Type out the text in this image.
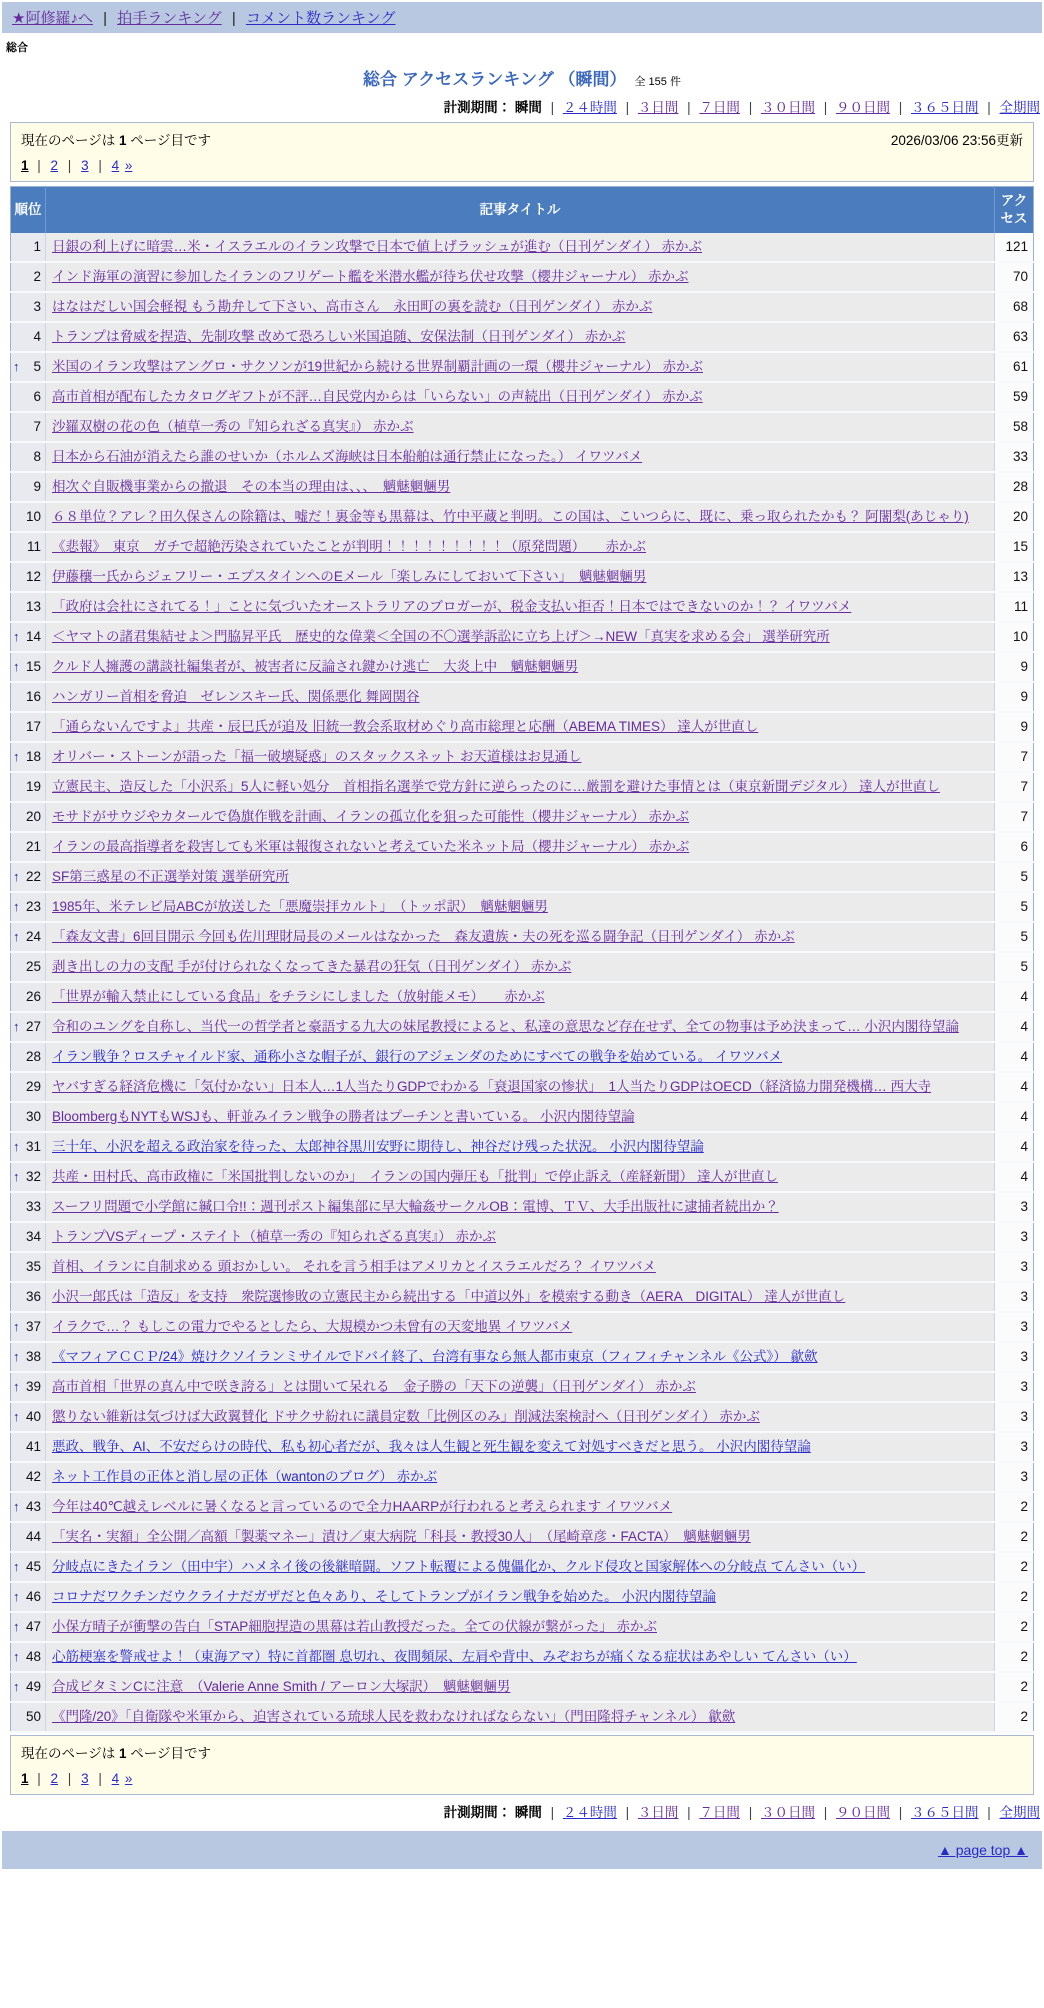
★阿修羅♪へ | 拍手ランキング | コメント数ランキング
総合
総合 アクセスランキング （瞬間） 全 155 件
計測期間： 瞬間 | ２４時間 | ３日間 | ７日間 | ３０日間 | ９０日間 | ３６５日間 | 全期間
現在のページは 1 ページ目です	2026/03/06 23:56更新
1 | 2 | 3 | 4 »
順位	記事タイトル	アクセス
1	日銀の利上げに暗雲…米・イスラエルのイラン攻撃で日本で値上げラッシュが進む（日刊ゲンダイ） 赤かぶ	121
2	インド海軍の演習に参加したイランのフリゲート艦を米潜水艦が待ち伏せ攻撃（櫻井ジャーナル） 赤かぶ	70
3	はなはだしい国会軽視 もう勘弁して下さい、高市さん　永田町の裏を読む（日刊ゲンダイ） 赤かぶ	68
4	トランプは脅威を捏造、先制攻撃 改めて恐ろしい米国追随、安保法制（日刊ゲンダイ） 赤かぶ	63

↑ 5	米国のイラン攻撃はアングロ・サクソンが19世紀から続ける世界制覇計画の一環（櫻井ジャーナル） 赤かぶ	61
6	高市首相が配布したカタログギフトが不評…自民党内からは「いらない」の声続出（日刊ゲンダイ） 赤かぶ	59
7	沙羅双樹の花の色（植草一秀の『知られざる真実』） 赤かぶ	58
8	日本から石油が消えたら誰のせいか（ホルムズ海峡は日本船舶は通行禁止になった。） イワツバメ	33
9	相次ぐ自販機事業からの撤退　その本当の理由は、、、　魑魅魍魎男	28
10	６８単位？アレ？田久保さんの除籍は、嘘だ！裏金等も黒幕は、竹中平蔵と判明。この国は、こいつらに、既に、乗っ取られたかも？ 阿闍梨(あじゃり)	20
11	《悲報》　東京　ガチで超絶汚染されていたことが判明！！！！！！！！！（原発問題）　　赤かぶ	15
12	伊藤穰一氏からジェフリー・エプスタインへのEメール「楽しみにしておいて下さい」　魑魅魍魎男	13
13	「政府は会社にされてる！」ことに気づいたオーストラリアのブロガーが、税金支払い拒否！日本ではできないのか！？ イワツバメ	11

↑ 14	＜ヤマトの諸君集結せよ＞門脇昇平氏　歴史的な偉業＜全国の不〇選挙訴訟に立ち上げ＞→NEW「真実を求める会」 選挙研究所	10

↑ 15	クルド人擁護の講談社編集者が、被害者に反論され鍵かけ逃亡　大炎上中　魑魅魍魎男	9
16	ハンガリー首相を脅迫　ゼレンスキー氏、関係悪化 舞岡関谷	9
17	「通らないんですよ」共産・辰巳氏が追及 旧統一教会系取材めぐり高市総理と応酬（ABEMA TIMES） 達人が世直し	9

↑ 18	オリバー・ストーンが語った「福一破壊疑惑」のスタックスネット お天道様はお見通し	7
19	立憲民主、造反した「小沢系」5人に軽い処分　首相指名選挙で党方針に逆らったのに…厳罰を避けた事情とは（東京新聞デジタル） 達人が世直し	7
20	モサドがサウジやカタールで偽旗作戦を計画、イランの孤立化を狙った可能性（櫻井ジャーナル） 赤かぶ	7
21	イランの最高指導者を殺害しても米軍は報復されないと考えていた米ネット局（櫻井ジャーナル） 赤かぶ	6

↑ 22	SF第三惑星の不正選挙対策 選挙研究所	5

↑ 23	1985年、米テレビ局ABCが放送した「悪魔崇拝カルト」　（トッポ訳）　魑魅魍魎男	5

↑ 24	「森友文書」6回目開示 今回も佐川理財局長のメールはなかった　森友遺族・夫の死を巡る闘争記（日刊ゲンダイ） 赤かぶ	5
25	剥き出しの力の支配 手が付けられなくなってきた暴君の狂気（日刊ゲンダイ） 赤かぶ	5
26	「世界が輸入禁止にしている食品」をチラシにしました（放射能メモ）　　赤かぶ	4

↑ 27	令和のユングを自称し、当代一の哲学者と豪語する九大の妹尾教授によると、私達の意思など存在せず、全ての物事は予め決まって… 小沢内閣待望論	4
28	イラン戦争？ロスチャイルド家、通称小さな帽子が、銀行のアジェンダのためにすべての戦争を始めている。 イワツバメ	4
29	ヤバすぎる経済危機に「気付かない」日本人…1人当たりGDPでわかる「衰退国家の惨状」　1人当たりGDPはOECD（経済協力開発機構… 西大寺	4
30	BloombergもNYTもWSJも、軒並みイラン戦争の勝者はプーチンと書いている。 小沢内閣待望論	4

↑ 31	三十年、小沢を超える政治家を待った、太郎神谷黒川安野に期待し、神谷だけ残った状況。 小沢内閣待望論	4

↑ 32	共産・田村氏、高市政権に「米国批判しないのか」　イランの国内弾圧も「批判」で停止訴え（産経新聞） 達人が世直し	4
33	スーフリ問題で小学館に緘口令!!：週刊ポスト編集部に早大輪姦サークルOB：電博、ＴＶ、大手出版社に逮捕者続出か？	3
34	トランプVSディープ・ステイト（植草一秀の『知られざる真実』） 赤かぶ	3
35	首相、イランに自制求める 頭おかしい。 それを言う相手はアメリカとイスラエルだろ？ イワツバメ	3
36	小沢一郎氏は「造反」を支持　衆院選惨敗の立憲民主から続出する「中道以外」を模索する動き（AERA　DIGITAL） 達人が世直し	3

↑ 37	イラクで…？ もしこの電力でやるとしたら、大規模かつ未曾有の天変地異 イワツバメ	3

↑ 38	《マフィアＣＣＰ/24》焼けクソイランミサイルでドバイ終了、台湾有事なら無人都市東京（フィフィチャンネル《公式》） 歙歛	3

↑ 39	高市首相「世界の真ん中で咲き誇る」とは聞いて呆れる　金子勝の「天下の逆襲」（日刊ゲンダイ） 赤かぶ	3

↑ 40	懲りない維新は気づけば大政翼賛化 ドサクサ紛れに議員定数「比例区のみ」削減法案検討へ（日刊ゲンダイ） 赤かぶ	3
41	悪政、戦争、AI、不安だらけの時代、私も初心者だが、我々は人生観と死生観を変えて対処すべきだと思う。 小沢内閣待望論	3
42	ネット工作員の正体と消し屋の正体（wantonのブログ） 赤かぶ	3

↑ 43	今年は40℃越えレベルに暑くなると言っているので全力HAARPが行われると考えられます イワツバメ	2
44	「実名・実額」全公開／高額「製薬マネー」漬け／東大病院「科長・教授30人」　（尾崎章彦・FACTA）　魑魅魍魎男	2

↑ 45	分岐点にきたイラン（田中宇）ハメネイ後の後継暗闘。ソフト転覆による傀儡化か、クルド侵攻と国家解体への分岐点 てんさい（い）	2

↑ 46	コロナだワクチンだウクライナだガザだと色々あり、そしてトランプがイラン戦争を始めた。 小沢内閣待望論	2

↑ 47	小保方晴子が衝撃の告白「STAP細胞捏造の黒幕は若山教授だった。全ての伏線が繋がった」 赤かぶ	2

↑ 48	心筋梗塞を警戒せよ！（東海アマ）特に首都圏 息切れ、夜間頻尿、左肩や背中、みぞおちが痛くなる症状はあやしい てんさい（い）	2

↑ 49	合成ビタミンCに注意　（Valerie Anne Smith / アーロン大塚訳）　魑魅魍魎男	2
50	《門隆/20》「自衛隊や米軍から、迫害されている琉球人民を救わなければならない」（門田隆将チャンネル） 歙歛	2
現在のページは 1 ページ目です
1 | 2 | 3 | 4 »
計測期間： 瞬間 | ２４時間 | ３日間 | ７日間 | ３０日間 | ９０日間 | ３６５日間 | 全期間
▲ page top ▲
